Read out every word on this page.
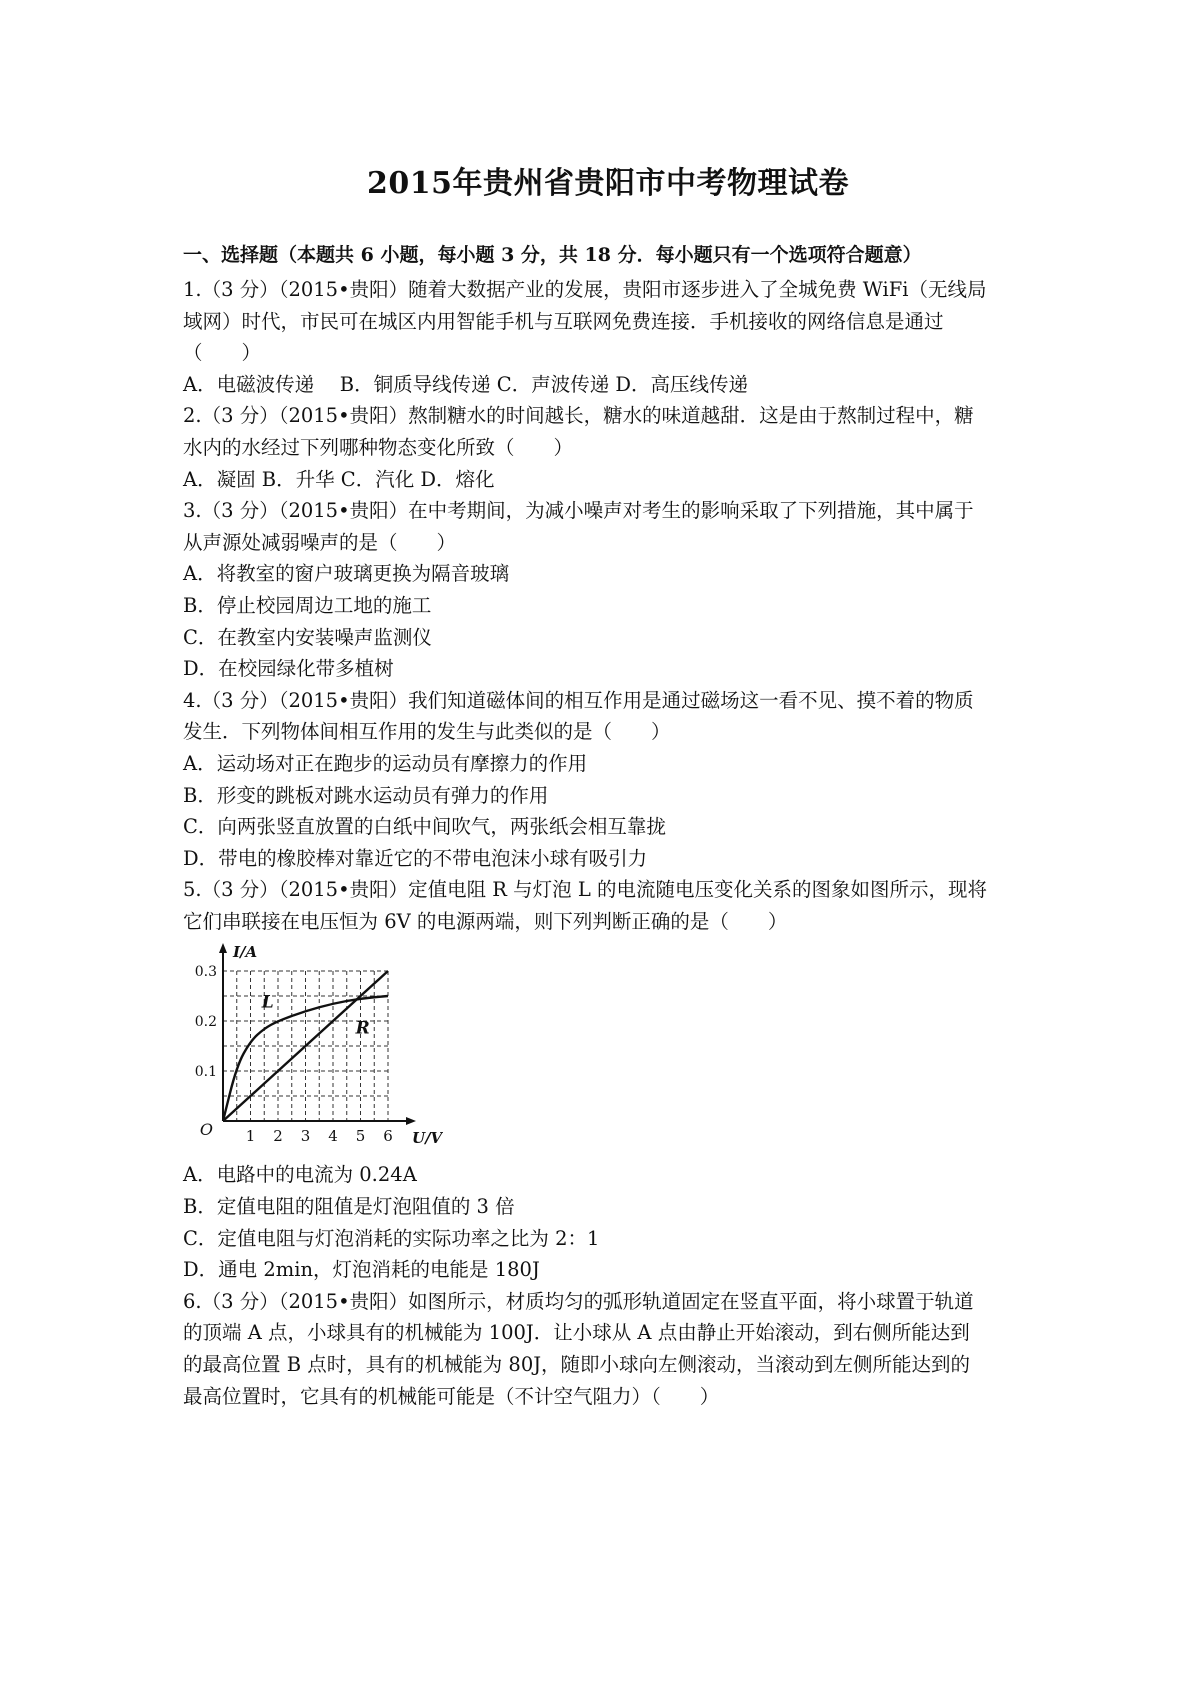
2015年贵州省贵阳市中考物理试卷
一、选择题（本题共 6 小题，每小题 3 分，共 18 分．每小题只有一个选项符合题意）
1.（3 分）（2015•贵阳）随着大数据产业的发展，贵阳市逐步进入了全城免费 WiFi（无线局
域网）时代，市民可在城区内用智能手机与互联网免费连接．手机接收的网络信息是通过
（　　）
A．电磁波传递　 B．铜质导线传递 C．声波传递 D．高压线传递
2.（3 分）（2015•贵阳）熬制糖水的时间越长，糖水的味道越甜．这是由于熬制过程中，糖
水内的水经过下列哪种物态变化所致（　　）
A．凝固 B．升华 C．汽化 D．熔化
3.（3 分）（2015•贵阳）在中考期间，为减小噪声对考生的影响采取了下列措施，其中属于
从声源处减弱噪声的是（　　）
A．将教室的窗户玻璃更换为隔音玻璃
B．停止校园周边工地的施工
C．在教室内安装噪声监测仪
D．在校园绿化带多植树
4.（3 分）（2015•贵阳）我们知道磁体间的相互作用是通过磁场这一看不见、摸不着的物质
发生．下列物体间相互作用的发生与此类似的是（　　）
A．运动场对正在跑步的运动员有摩擦力的作用
B．形变的跳板对跳水运动员有弹力的作用
C．向两张竖直放置的白纸中间吹气，两张纸会相互靠拢
D．带电的橡胶棒对靠近它的不带电泡沫小球有吸引力
5.（3 分）（2015•贵阳）定值电阻 R 与灯泡 L 的电流随电压变化关系的图象如图所示，现将
它们串联接在电压恒为 6V 的电源两端，则下列判断正确的是（　　）
1 2 3 4 5 6
0.1
0.2
0.3
O
I/A
U/V
L
R
A．电路中的电流为 0.24A
B．定值电阻的阻值是灯泡阻值的 3 倍
C．定值电阻与灯泡消耗的实际功率之比为 2：1
D．通电 2min，灯泡消耗的电能是 180J
6.（3 分）（2015•贵阳）如图所示，材质均匀的弧形轨道固定在竖直平面，将小球置于轨道
的顶端 A 点，小球具有的机械能为 100J．让小球从 A 点由静止开始滚动，到右侧所能达到
的最高位置 B 点时，具有的机械能为 80J，随即小球向左侧滚动，当滚动到左侧所能达到的
最高位置时，它具有的机械能可能是（不计空气阻力）（　　）
